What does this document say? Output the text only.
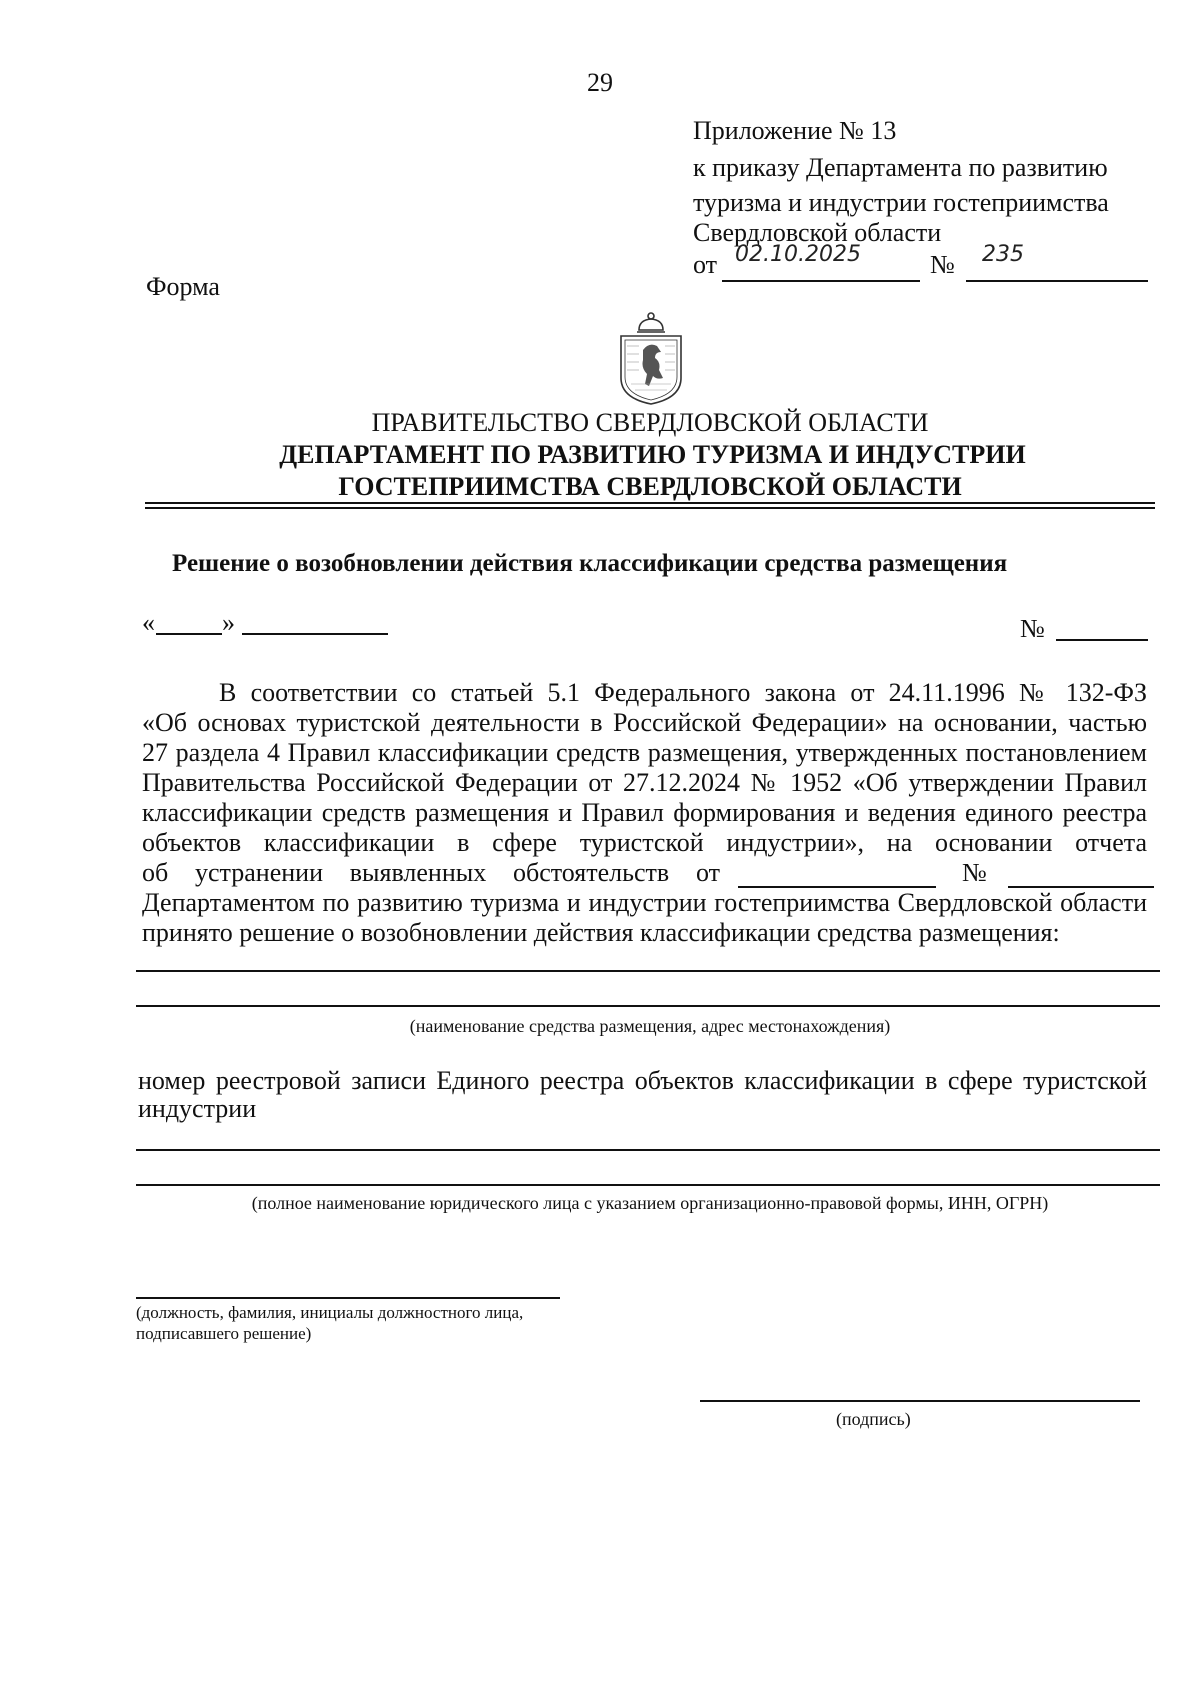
29
Приложение № 13
к приказу Департамента по развитию
туризма и индустрии гостеприимства
Свердловской области
от 02.10.2025	№ 235
Форма
ПРАВИТЕЛЬСТВО СВЕРДЛОВСКОЙ ОБЛАСТИ
ДЕПАРТАМЕНТ ПО РАЗВИТИЮ ТУРИЗМА И ИНДУСТРИИ
ГОСТЕПРИИМСТВА СВЕРДЛОВСКОЙ ОБЛАСТИ
Решение о возобновлении действия классификации средства размещения
«	»	№
В соответствии со статьей 5.1 Федерального закона от 24.11.1996 № 132-ФЗ
«Об основах туристской деятельности в Российской Федерации» на основании, частью
27 раздела 4 Правил классификации средств размещения, утвержденных постановлением
Правительства Российской Федерации от 27.12.2024 № 1952 «Об утверждении Правил
классификации средств размещения и Правил формирования и ведения единого реестра
объектов классификации в сфере туристской индустрии», на основании отчета
об устранении выявленных обстоятельств от	№
Департаментом по развитию туризма и индустрии гостеприимства Свердловской области
принято решение о возобновлении действия классификации средства размещения:
(наименование средства размещения, адрес местонахождения)
номер реестровой записи Единого реестра объектов классификации в сфере туристской
индустрии
(полное наименование юридического лица с указанием организационно-правовой формы, ИНН, ОГРН)
(должность, фамилия, инициалы должностного лица,
подписавшего решение)
(подпись)
